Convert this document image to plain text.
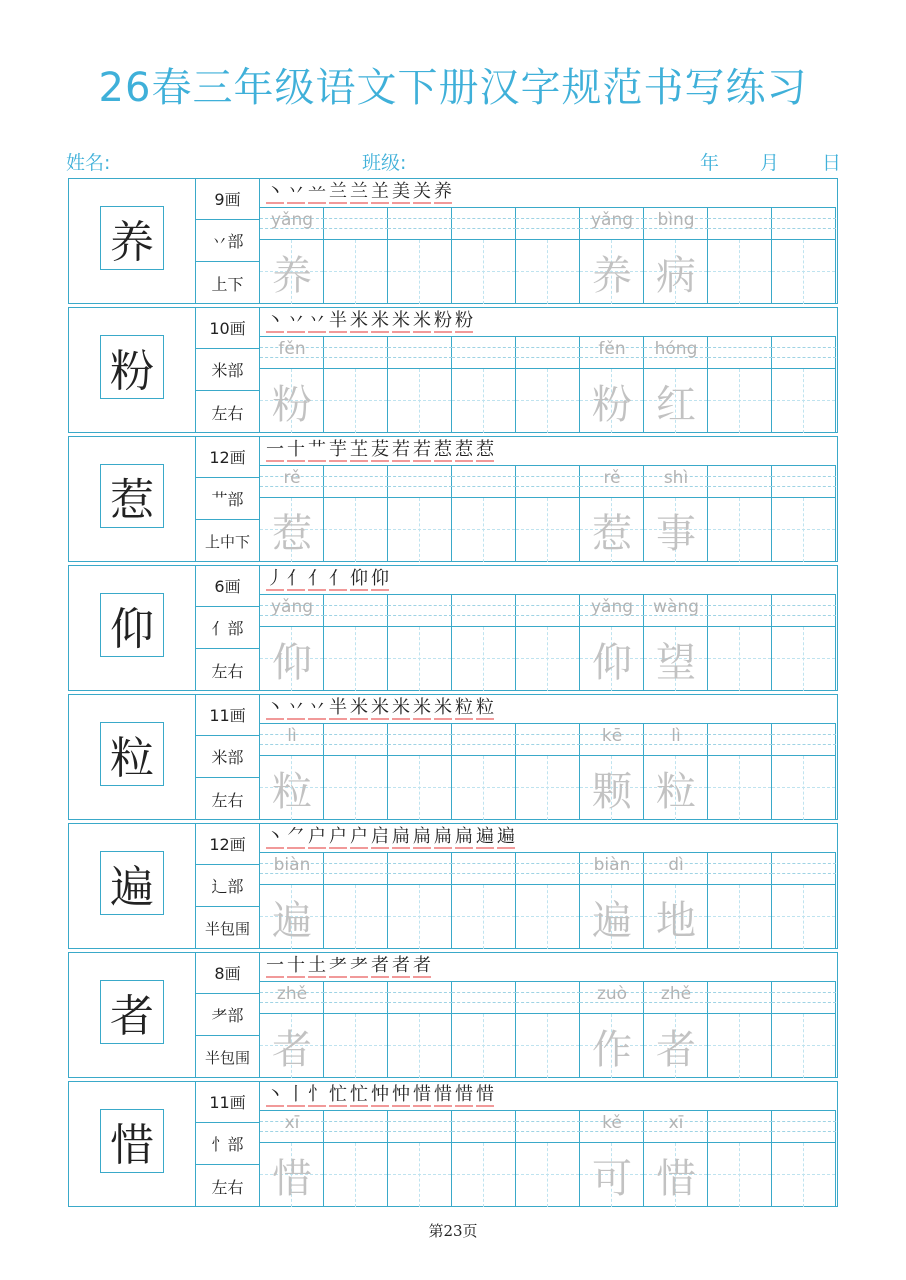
26春三年级语文下册汉字规范书写练习
姓名:	班级:	年 月 日
养
9画
丷部
上下
丶 丷 䒑 兰 兰 𦍌 美 关 养
yǎng
养
yǎng
养
bìng
病
粉
10画
米部
左右
丶 丷 丷 半 米 米 米 米 粉 粉
fěn
粉
fěn
粉
hóng
红
惹
12画
艹部
上中下
一 十 艹 芋 芏 苃 若 若 惹 惹 惹
rě
惹
rě
惹
shì
事
仰
6画
亻部
左右
丿 亻 亻 亻 仰 仰
yǎng
仰
yǎng
仰
wàng
望
粒
11画
米部
左右
丶 丷 丷 半 米 米 米 米 米 粒 粒
lì
粒
kē
颗
lì
粒
遍
12画
辶部
半包围
丶 ⺈ 户 户 户 启 扁 扁 扁 扁 遍 遍
biàn
遍
biàn
遍
dì
地
者
8画
耂部
半包围
一 十 土 耂 耂 者 者 者
zhě
者
zuò
作
zhě
者
惜
11画
忄部
左右
丶 丨 忄 忙 忙 忡 忡 惜 惜 惜 惜
xī
惜
kě
可
xī
惜
第23页
